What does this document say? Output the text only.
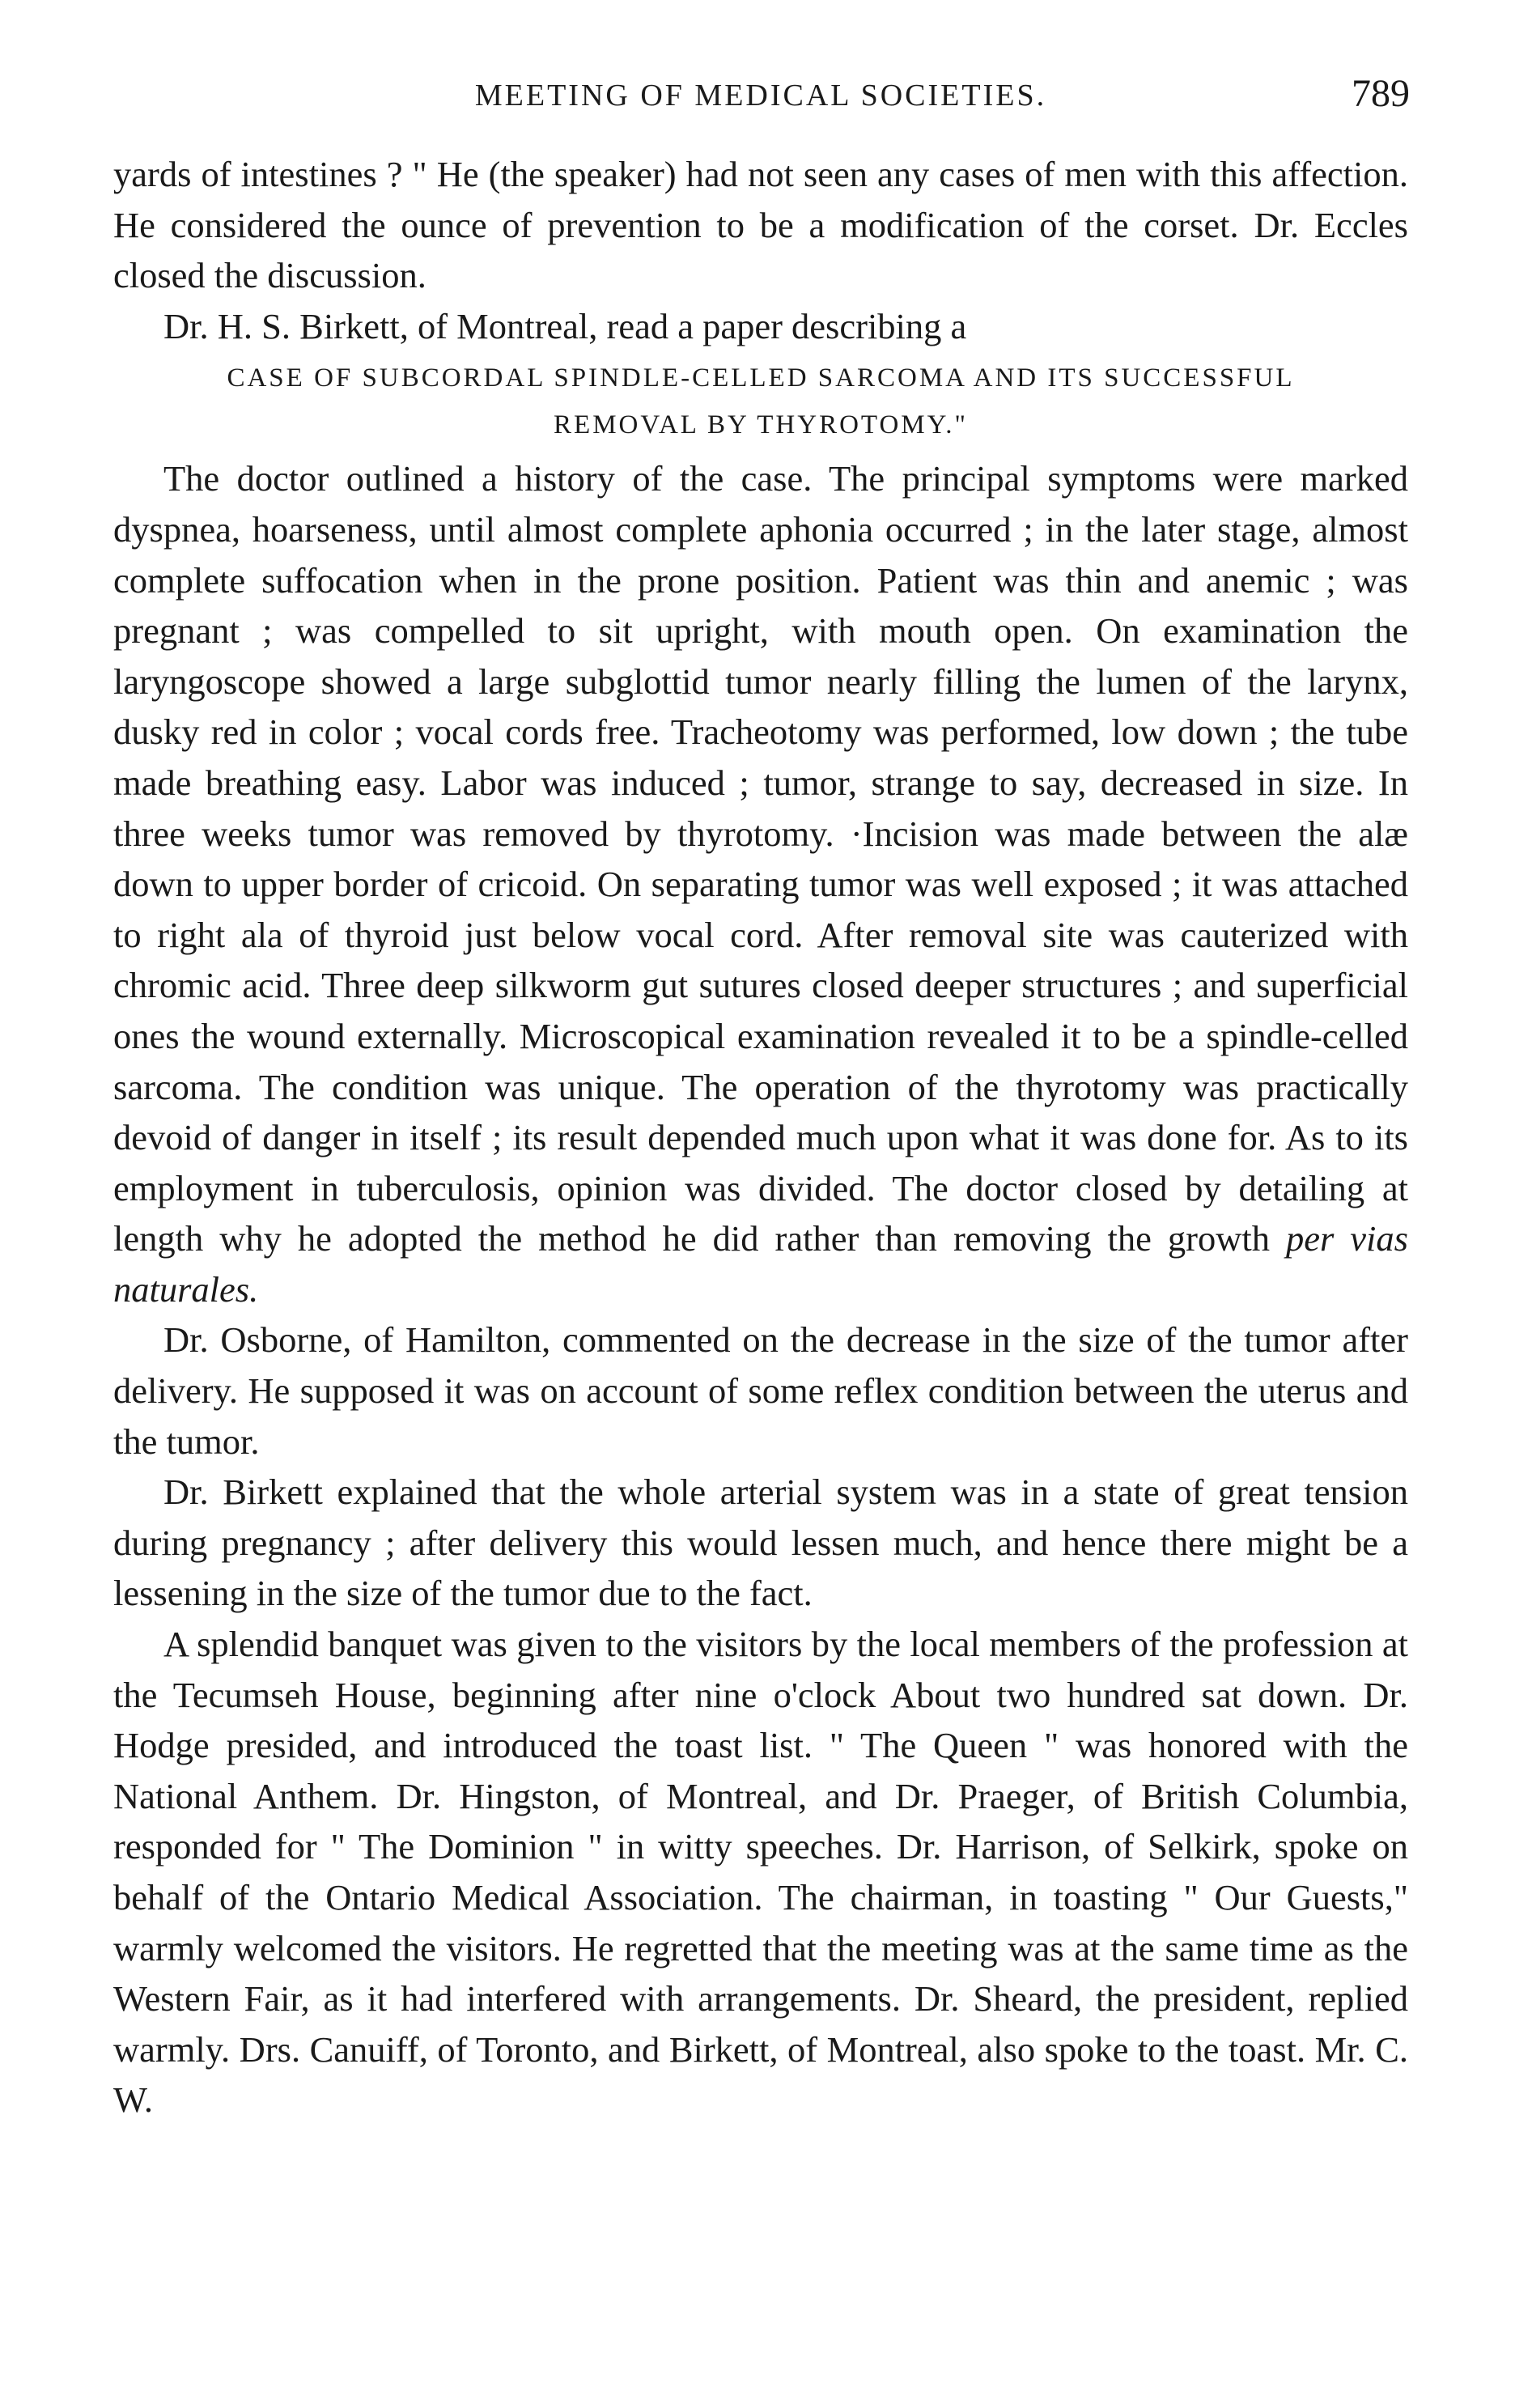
MEETING OF MEDICAL SOCIETIES.	789

yards of intestines ? " He (the speaker) had not seen any cases of men with this affection. He considered the ounce of prevention to be a modification of the corset. Dr. Eccles closed the discussion.

Dr. H. S. Birkett, of Montreal, read a paper describing a

CASE OF SUBCORDAL SPINDLE-CELLED SARCOMA AND ITS SUCCESSFUL
REMOVAL BY THYROTOMY."

The doctor outlined a history of the case. The principal symptoms were marked dyspnea, hoarseness, until almost complete aphonia occurred ; in the later stage, almost complete suffocation when in the prone position. Patient was thin and anemic ; was pregnant ; was compelled to sit upright, with mouth open. On examination the laryngoscope showed a large subglottid tumor nearly filling the lumen of the larynx, dusky red in color ; vocal cords free. Tracheotomy was performed, low down ; the tube made breathing easy. Labor was induced ; tumor, strange to say, decreased in size. In three weeks tumor was removed by thyrotomy. ·Incision was made between the alæ down to upper border of cricoid. On separating tumor was well exposed ; it was attached to right ala of thyroid just below vocal cord. After removal site was cauterized with chromic acid. Three deep silkworm gut sutures closed deeper structures ; and superficial ones the wound externally. Microscopical examination revealed it to be a spindle-celled sarcoma. The condition was unique. The operation of the thyrotomy was practically devoid of danger in itself ; its result depended much upon what it was done for. As to its employment in tuberculosis, opinion was divided. The doctor closed by detailing at length why he adopted the method he did rather than removing the growth per vias naturales.

Dr. Osborne, of Hamilton, commented on the decrease in the size of the tumor after delivery. He supposed it was on account of some reflex condition between the uterus and the tumor.

Dr. Birkett explained that the whole arterial system was in a state of great tension during pregnancy ; after delivery this would lessen much, and hence there might be a lessening in the size of the tumor due to the fact.

A splendid banquet was given to the visitors by the local members of the profession at the Tecumseh House, beginning after nine o'clock About two hundred sat down. Dr. Hodge presided, and introduced the toast list. " The Queen " was honored with the National Anthem. Dr. Hingston, of Montreal, and Dr. Praeger, of British Columbia, responded for " The Dominion " in witty speeches. Dr. Harrison, of Selkirk, spoke on behalf of the Ontario Medical Association. The chairman, in toasting " Our Guests," warmly welcomed the visitors. He regretted that the meeting was at the same time as the Western Fair, as it had interfered with arrangements. Dr. Sheard, the president, replied warmly. Drs. Canuiff, of Toronto, and Birkett, of Montreal, also spoke to the toast. Mr. C. W.
